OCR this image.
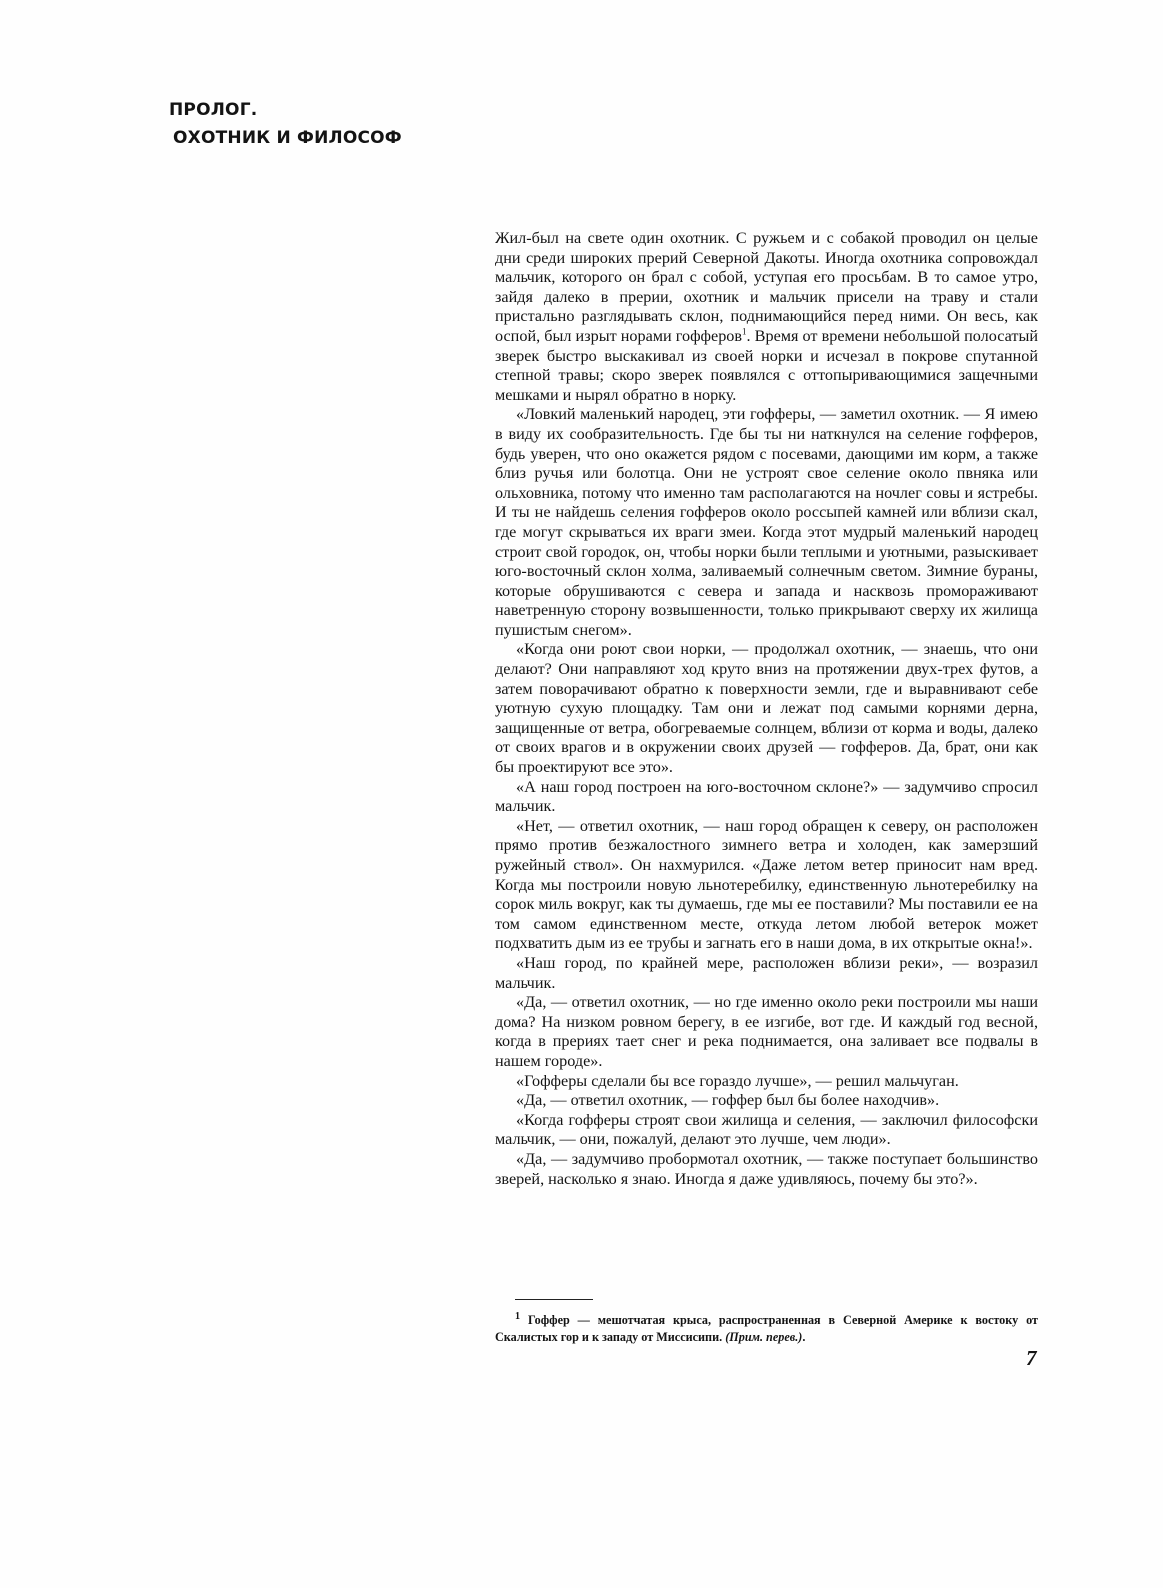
ПРОЛОГ.
ОХОТНИК И ФИЛОСОФ

Жил-был на свете один охотник. С ружьем и с собакой проводил он целые дни среди широких прерий Северной Дакоты. Иногда охотника сопровождал мальчик, которого он брал с собой, уступая его просьбам. В то самое утро, зайдя далеко в прерии, охотник и мальчик присели на траву и стали пристально разглядывать склон, поднимающийся перед ними. Он весь, как оспой, был изрыт норами гофферов$^1$. Время от времени небольшой полосатый зверек быстро выскакивал из своей норки и исчезал в покрове спутанной степной травы; скоро зверек появлялся с оттопыривающимися защечными мешками и нырял обратно в норку.

«Ловкий маленький народец, эти гофферы, — заметил охотник. — Я имею в виду их сообразительность. Где бы ты ни наткнулся на селение гофферов, будь уверен, что оно окажется рядом с посевами, дающими им корм, а также близ ручья или болотца. Они не устроят свое селение около пвняка или ольховника, потому что именно там располагаются на ночлег совы и ястребы. И ты не найдешь селения гофферов около россыпей камней или вблизи скал, где могут скрываться их враги змеи. Когда этот мудрый маленький народец строит свой городок, он, чтобы норки были теплыми и уютными, разыскивает юго-восточный склон холма, заливаемый солнечным светом. Зимние бураны, которые обрушиваются с севера и запада и насквозь промораживают наветренную сторону возвышенности, только прикрывают сверху их жилища пушистым снегом».

«Когда они роют свои норки, — продолжал охотник, — знаешь, что они делают? Они направляют ход круто вниз на протяжении двух-трех футов, а затем поворачивают обратно к поверхности земли, где и выравнивают себе уютную сухую площадку. Там они и лежат под самыми корнями дерна, защищенные от ветра, обогреваемые солнцем, вблизи от корма и воды, далеко от своих врагов и в окружении своих друзей — гофферов. Да, брат, они как бы проектируют все это».

«А наш город построен на юго-восточном склоне?» — задумчиво спросил мальчик.

«Нет, — ответил охотник, — наш город обращен к северу, он расположен прямо против безжалостного зимнего ветра и холоден, как замерзший ружейный ствол». Он нахмурился. «Даже летом ветер приносит нам вред. Когда мы построили новую льнотеребилку, единственную льнотеребилку на сорок миль вокруг, как ты думаешь, где мы ее поставили? Мы поставили ее на том самом единственном месте, откуда летом любой ветерок может подхватить дым из ее трубы и загнать его в наши дома, в их открытые окна!».

«Наш город, по крайней мере, расположен вблизи реки», — возразил мальчик.

«Да, — ответил охотник, — но где именно около реки построили мы наши дома? На низком ровном берегу, в ее изгибе, вот где. И каждый год весной, когда в прериях тает снег и река поднимается, она заливает все подвалы в нашем городе».

«Гофферы сделали бы все гораздо лучше», — решил мальчуган.

«Да, — ответил охотник, — гоффер был бы более находчив».

«Когда гофферы строят свои жилища и селения, — заключил философски мальчик, — они, пожалуй, делают это лучше, чем люди».

«Да, — задумчиво пробормотал охотник, — также поступает большинство зверей, насколько я знаю. Иногда я даже удивляюсь, почему бы это?».

$^1$ Гоффер — мешотчатая крыса, распространенная в Северной Америке к востоку от Скалистых гор и к западу от Миссисипи. (Прим. перев.).
7
